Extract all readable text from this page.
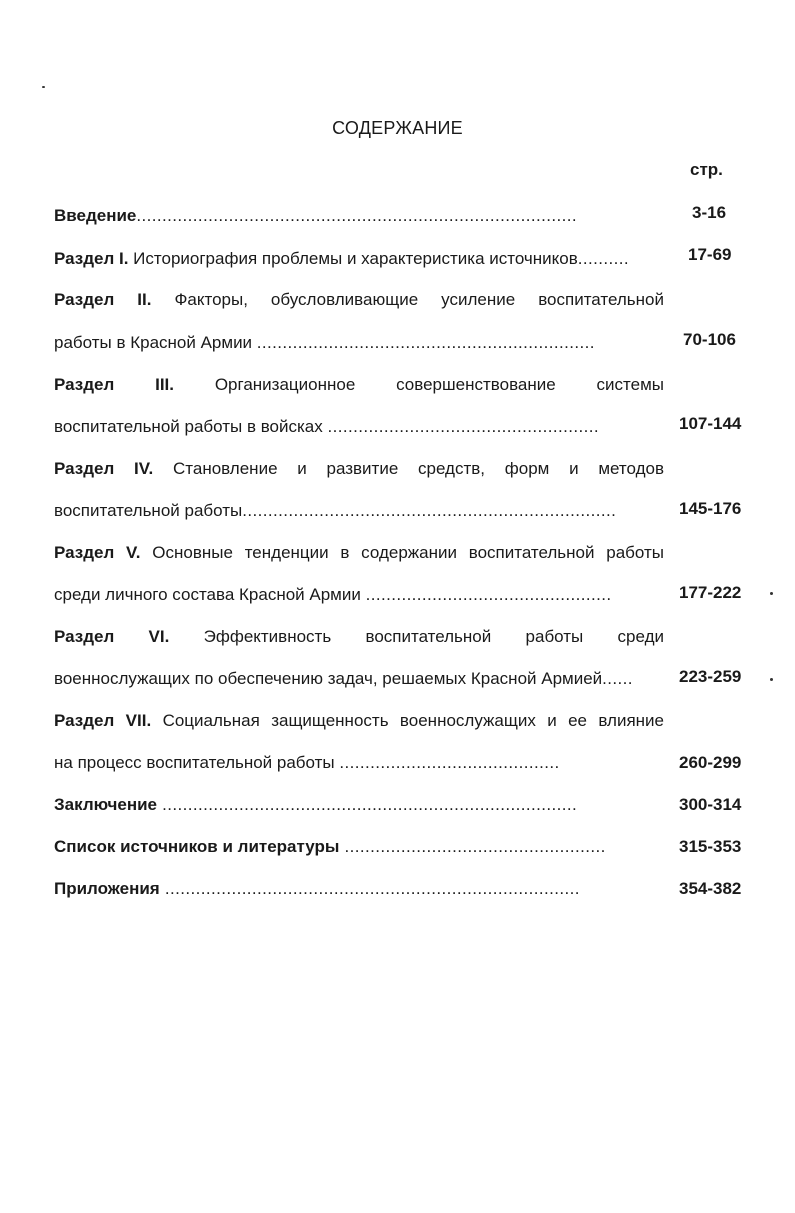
СОДЕРЖАНИЕ
стр.
Введение......................................................................................	3-16
Раздел I. Историография проблемы и характеристика источников..........	17-69
Раздел II. Факторы, обусловливающие усиление воспитательной
работы в Красной Армии ..................................................................	70-106
Раздел III. Организационное совершенствование системы
воспитательной работы в войсках .....................................................	107-144
Раздел IV. Становление и развитие средств, форм и методов
воспитательной работы.........................................................................	145-176
Раздел V. Основные тенденции в содержании воспитательной работы
среди личного состава Красной Армии ................................................	177-222
Раздел VI. Эффективность воспитательной работы среди
военнослужащих по обеспечению задач, решаемых Красной Армией......	223-259
Раздел VII. Социальная защищенность военнослужащих и ее влияние
на процесс воспитательной работы ...........................................	260-299
Заключение .................................................................................	300-314
Список источников и литературы ...................................................	315-353
Приложения .................................................................................	354-382
